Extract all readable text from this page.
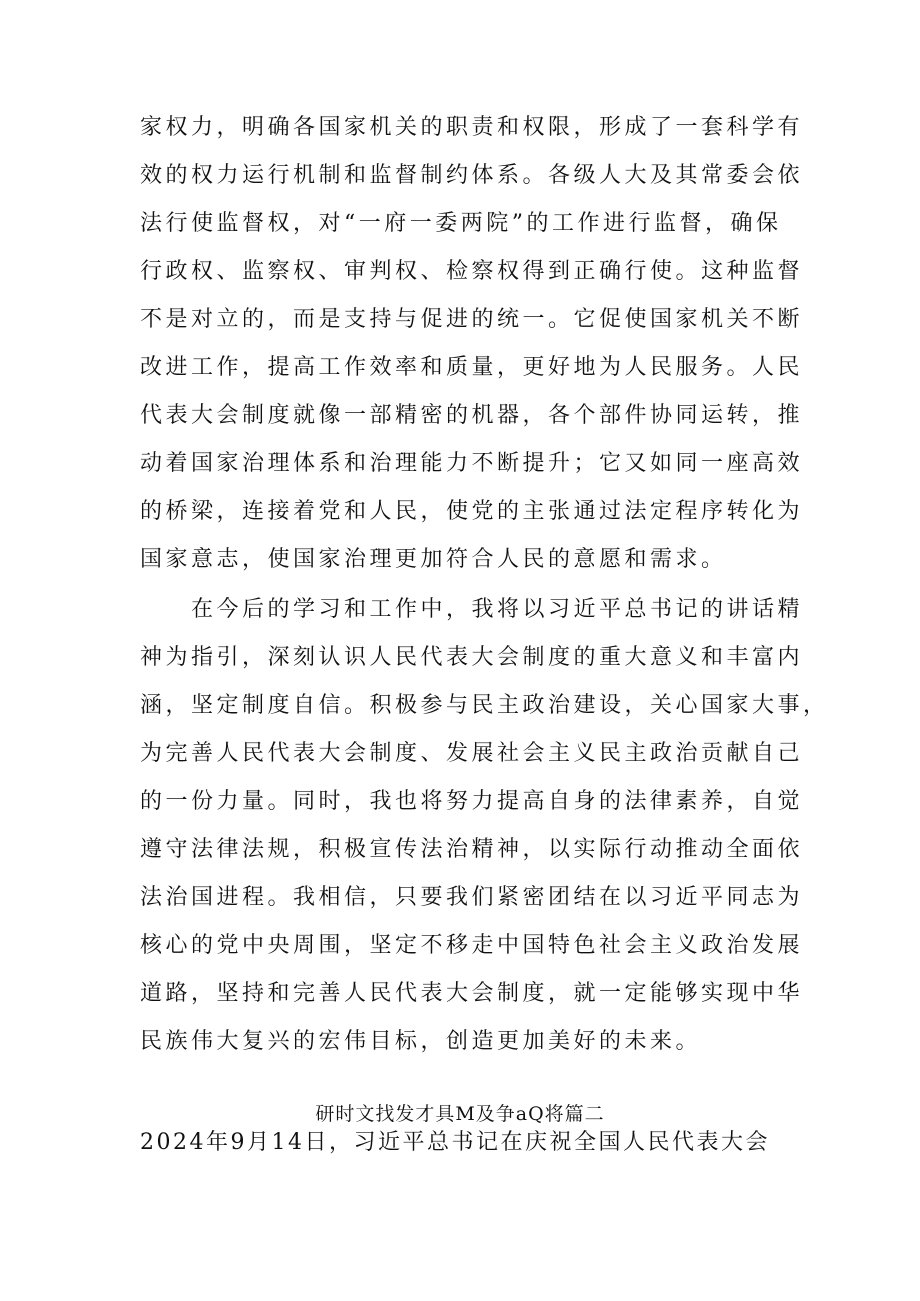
家权力，明确各国家机关的职责和权限，形成了一套科学有
效的权力运行机制和监督制约体系。各级人大及其常委会依
法行使监督权，对“一府一委两院”的工作进行监督，确保
行政权、监察权、审判权、检察权得到正确行使。这种监督
不是对立的，而是支持与促进的统一。它促使国家机关不断
改进工作，提高工作效率和质量，更好地为人民服务。人民
代表大会制度就像一部精密的机器，各个部件协同运转，推
动着国家治理体系和治理能力不断提升；它又如同一座高效
的桥梁，连接着党和人民，使党的主张通过法定程序转化为
国家意志，使国家治理更加符合人民的意愿和需求。
　　在今后的学习和工作中，我将以习近平总书记的讲话精
神为指引，深刻认识人民代表大会制度的重大意义和丰富内
涵，坚定制度自信。积极参与民主政治建设，关心国家大事，
为完善人民代表大会制度、发展社会主义民主政治贡献自己
的一份力量。同时，我也将努力提高自身的法律素养，自觉
遵守法律法规，积极宣传法治精神，以实际行动推动全面依
法治国进程。我相信，只要我们紧密团结在以习近平同志为
核心的党中央周围，坚定不移走中国特色社会主义政治发展
道路，坚持和完善人民代表大会制度，就一定能够实现中华
民族伟大复兴的宏伟目标，创造更加美好的未来。
研时文找发才具M及争aQ将篇二
2024年9月14日，习近平总书记在庆祝全国人民代表大会
